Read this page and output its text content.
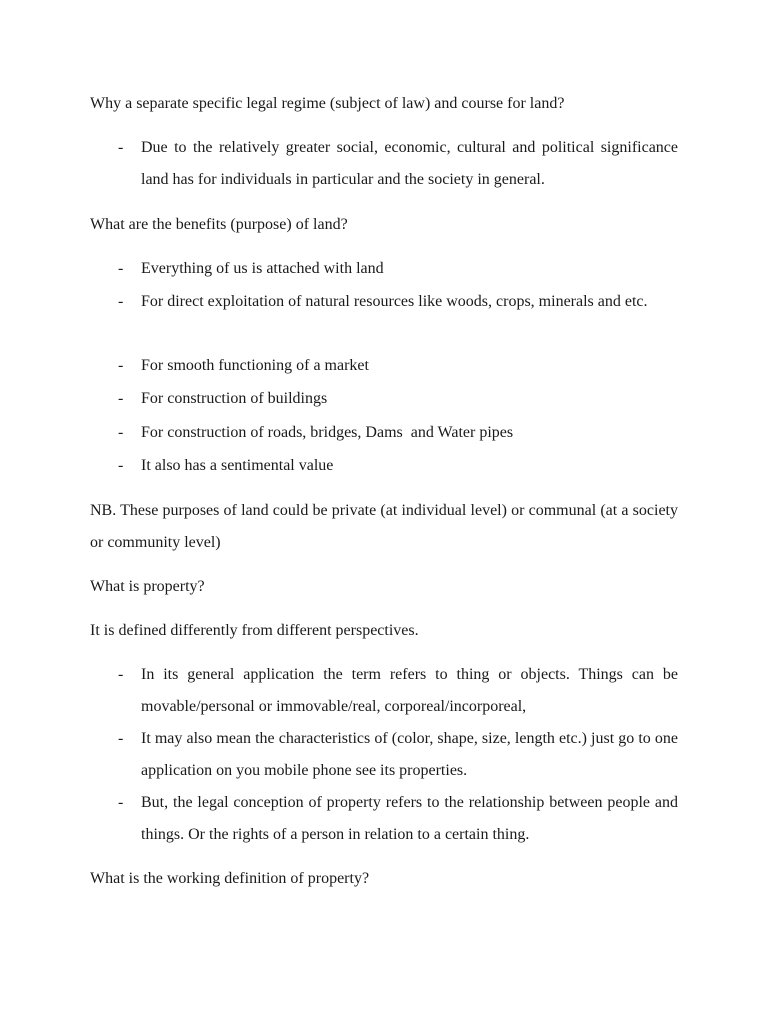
Why a separate specific legal regime (subject of law) and course for land?

- Due to the relatively greater social, economic, cultural and political significance land has for individuals in particular and the society in general.

What are the benefits (purpose) of land?

- Everything of us is attached with land
- For direct exploitation of natural resources like woods, crops, minerals and etc.
- For smooth functioning of a market
- For construction of buildings
- For construction of roads, bridges, Dams  and Water pipes
- It also has a sentimental value

NB. These purposes of land could be private (at individual level) or communal (at a society or community level)

What is property?

It is defined differently from different perspectives.

- In its general application the term refers to thing or objects. Things can be movable/personal or immovable/real, corporeal/incorporeal,
- It may also mean the characteristics of (color, shape, size, length etc.) just go to one application on you mobile phone see its properties.
- But, the legal conception of property refers to the relationship between people and things. Or the rights of a person in relation to a certain thing.

What is the working definition of property?
